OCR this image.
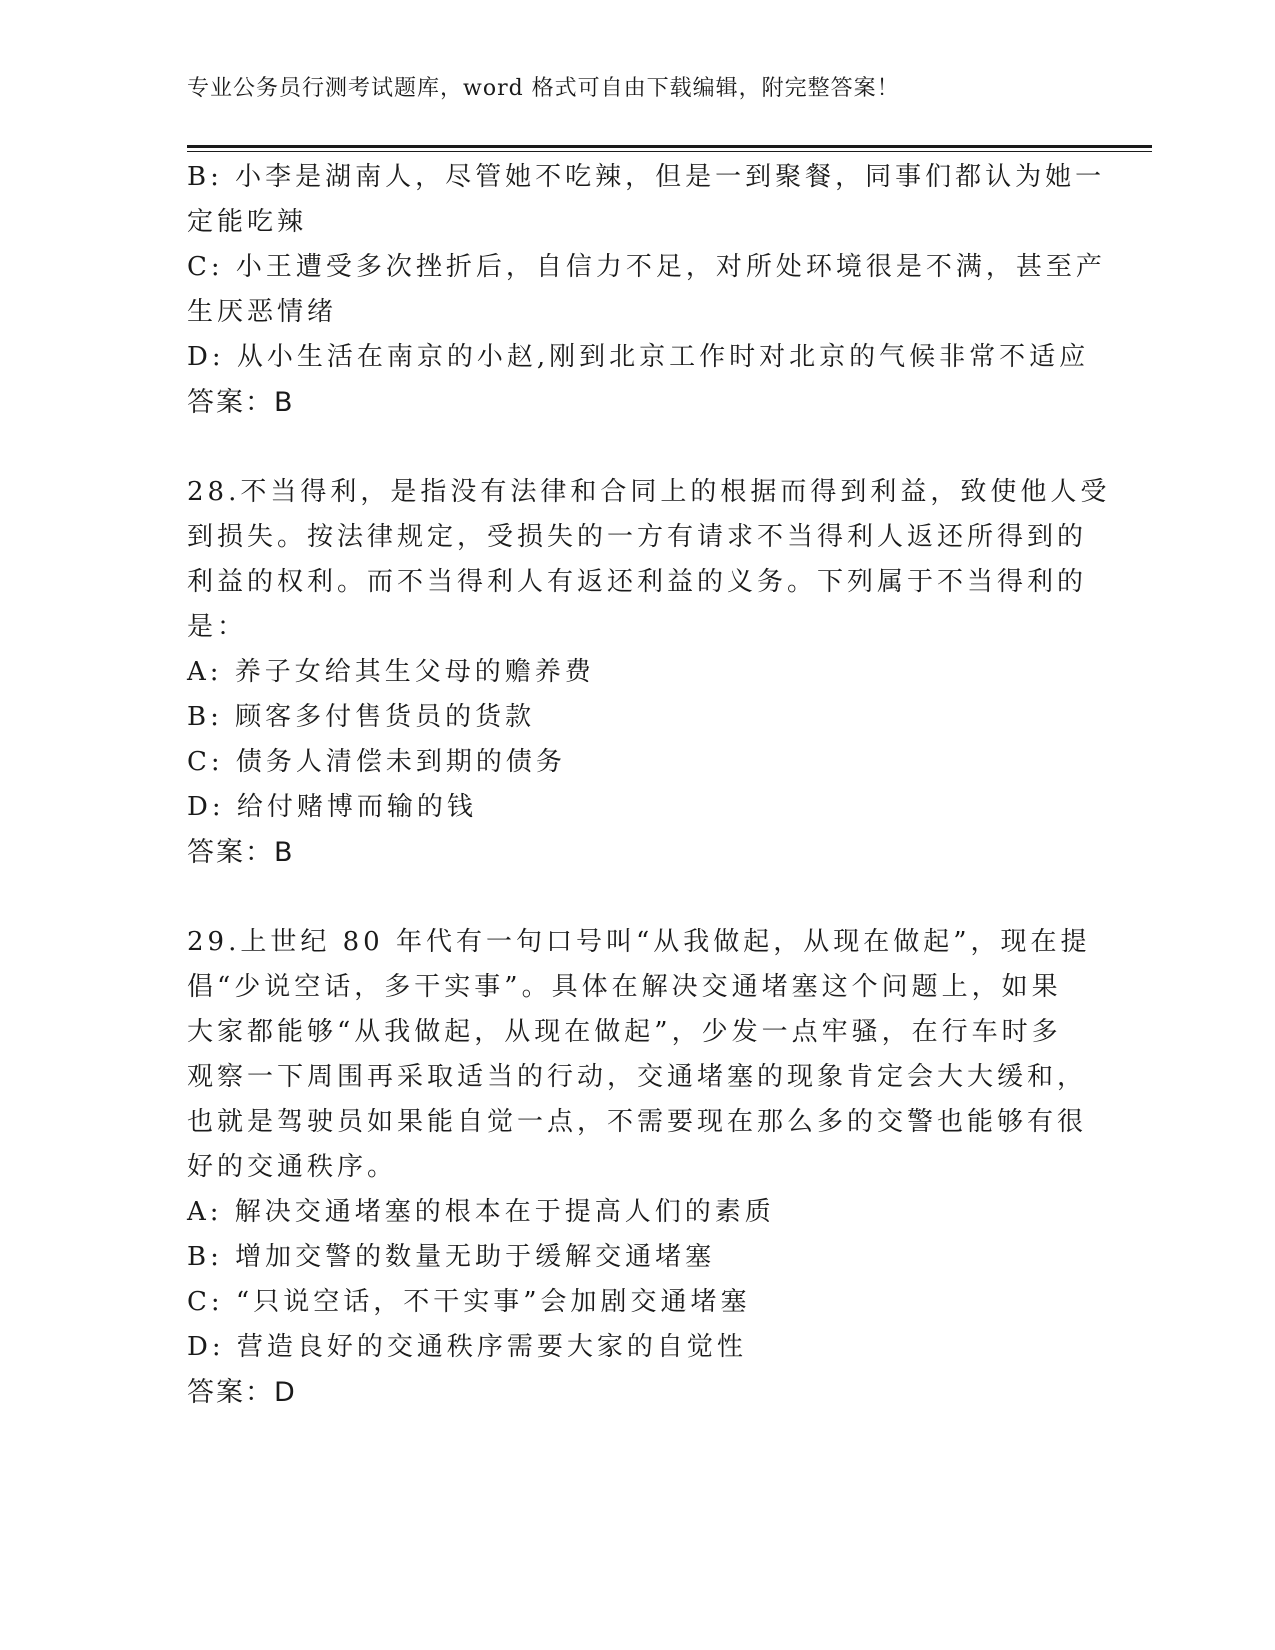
专业公务员行测考试题库，word 格式可自由下载编辑，附完整答案！
B: 小李是湖南人，尽管她不吃辣，但是一到聚餐，同事们都认为她一
定能吃辣
C: 小王遭受多次挫折后，自信力不足，对所处环境很是不满，甚至产
生厌恶情绪
D: 从小生活在南京的小赵,刚到北京工作时对北京的气候非常不适应
答案：B
28.不当得利，是指没有法律和合同上的根据而得到利益，致使他人受
到损失。按法律规定，受损失的一方有请求不当得利人返还所得到的
利益的权利。而不当得利人有返还利益的义务。下列属于不当得利的
是：
A: 养子女给其生父母的赡养费
B: 顾客多付售货员的货款
C: 债务人清偿未到期的债务
D: 给付赌博而输的钱
答案：B
29.上世纪 80 年代有一句口号叫“从我做起，从现在做起”，现在提
倡“少说空话，多干实事”。具体在解决交通堵塞这个问题上，如果
大家都能够“从我做起，从现在做起”，少发一点牢骚，在行车时多
观察一下周围再采取适当的行动，交通堵塞的现象肯定会大大缓和，
也就是驾驶员如果能自觉一点，不需要现在那么多的交警也能够有很
好的交通秩序。
A: 解决交通堵塞的根本在于提高人们的素质
B: 增加交警的数量无助于缓解交通堵塞
C: “只说空话，不干实事”会加剧交通堵塞
D: 营造良好的交通秩序需要大家的自觉性
答案：D
